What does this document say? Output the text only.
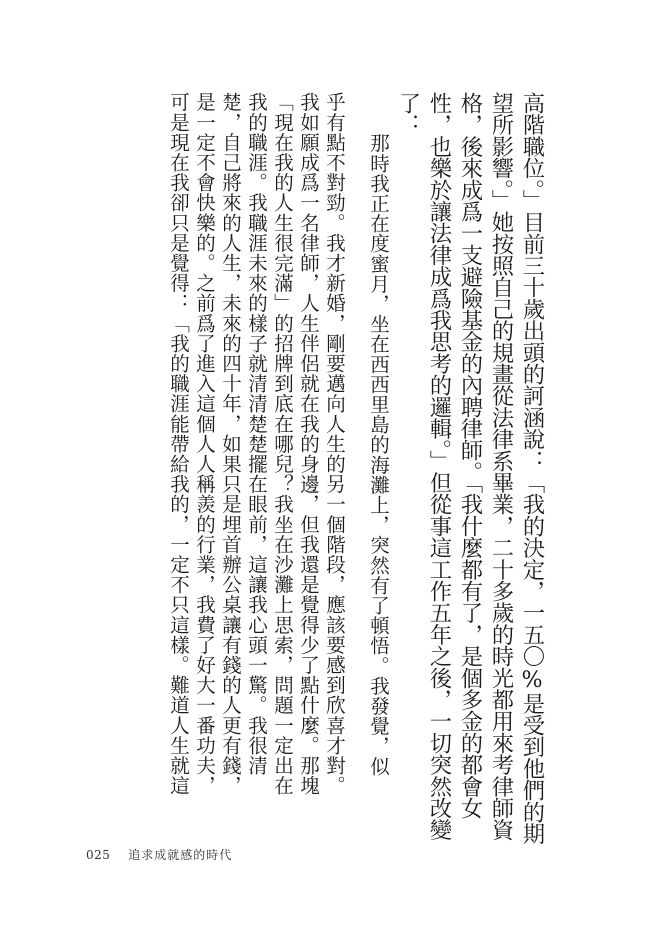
高階職位。」目前三十歲出頭的訶涵說：「我的決定，一五〇%是受到他們的期
望所影響。」她按照自己的規畫從法律系畢業，二十多歲的時光都用來考律師資
格，後來成爲一支避險基金的內聘律師。「我什麼都有了，是個多金的都會女
性，也樂於讓法律成爲我思考的邏輯。」但從事這工作五年之後，一切突然改變
了：
那時我正在度蜜月，坐在西西里島的海灘上，突然有了頓悟。我發覺，似
乎有點不對勁。我才新婚，剛要邁向人生的另一個階段，應該要感到欣喜才對。
我如願成爲一名律師，人生伴侶就在我的身邊，但我還是覺得少了點什麼。那塊
「現在我的人生很完滿」的招牌到底在哪兒？我坐在沙灘上思索，問題一定出在
我的職涯。我職涯未來的樣子就清清楚楚擺在眼前，這讓我心頭一驚。我很清
楚，自己將來的人生，未來的四十年，如果只是埋首辦公桌讓有錢的人更有錢，
是一定不會快樂的。之前爲了進入這個人人稱羨的行業，我費了好大一番功夫，
可是現在我卻只是覺得：「我的職涯能帶給我的，一定不只這樣。難道人生就這
025 追求成就感的時代
